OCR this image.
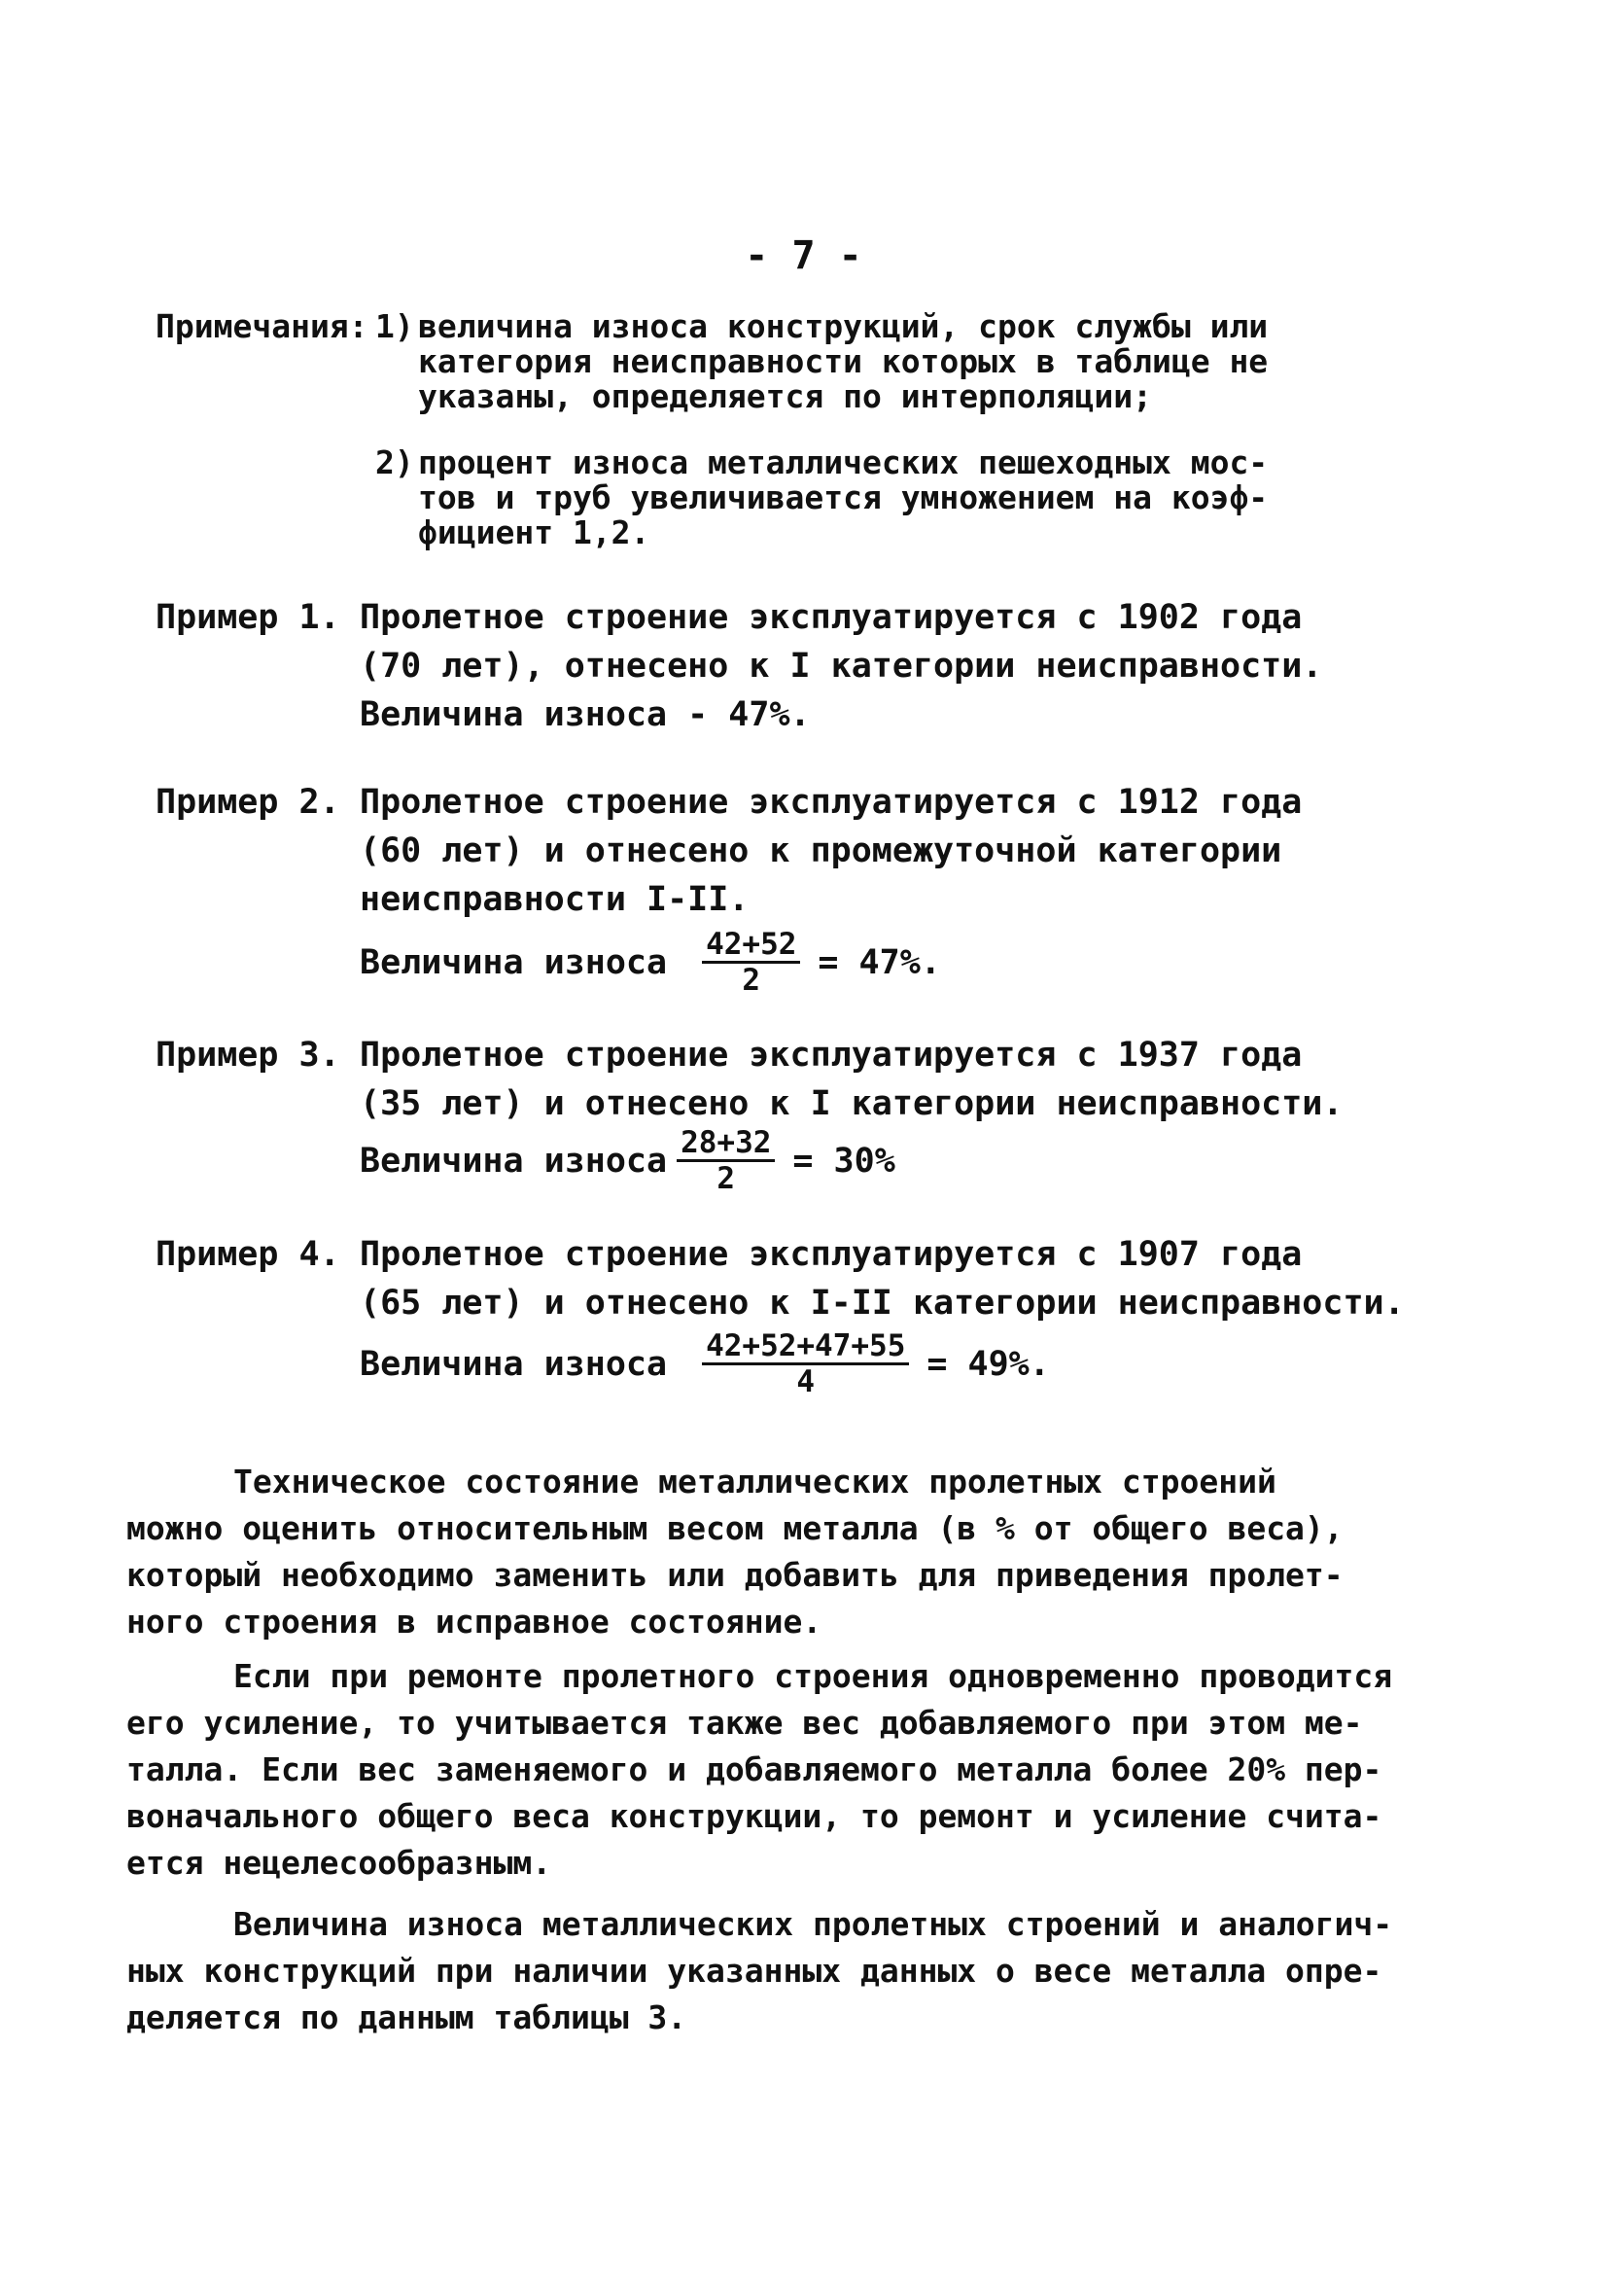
- 7 -
Примечания: 1) величина износа конструкций, срок службы или
категория неисправности которых в таблице не
указаны, определяется по интерполяции;
2) процент износа металлических пешеходных мос-
тов и труб увеличивается умножением на коэф-
фициент 1,2.
Пример 1. Пролетное строение эксплуатируется с 1902 года
(70 лет), отнесено к I категории неисправности.
Величина износа - 47%.
Пример 2. Пролетное строение эксплуатируется с 1912 года
(60 лет) и отнесено к промежуточной категории
неисправности I-II.
Величина износа $\frac{42+52}{2} = 47\%$.
Пример 3. Пролетное строение эксплуатируется с 1937 года
(35 лет) и отнесено к I категории неисправности.
Величина износа $\frac{28+32}{2} = 30\%$
Пример 4. Пролетное строение эксплуатируется с 1907 года
(65 лет) и отнесено к I-II категории неисправности.
Величина износа $\frac{42+52+47+55}{4} = 49\%$.
Техническое состояние металлических пролетных строений
можно оценить относительным весом металла (в % от общего веса),
который необходимо заменить или добавить для приведения пролет-
ного строения в исправное состояние.
Если при ремонте пролетного строения одновременно проводится
его усиление, то учитывается также вес добавляемого при этом ме-
талла. Если вес заменяемого и добавляемого металла более 20% пер-
воначального общего веса конструкции, то ремонт и усиление счита-
ется нецелесообразным.
Величина износа металлических пролетных строений и аналогич-
ных конструкций при наличии указанных данных о весе металла опре-
деляется по данным таблицы 3.
